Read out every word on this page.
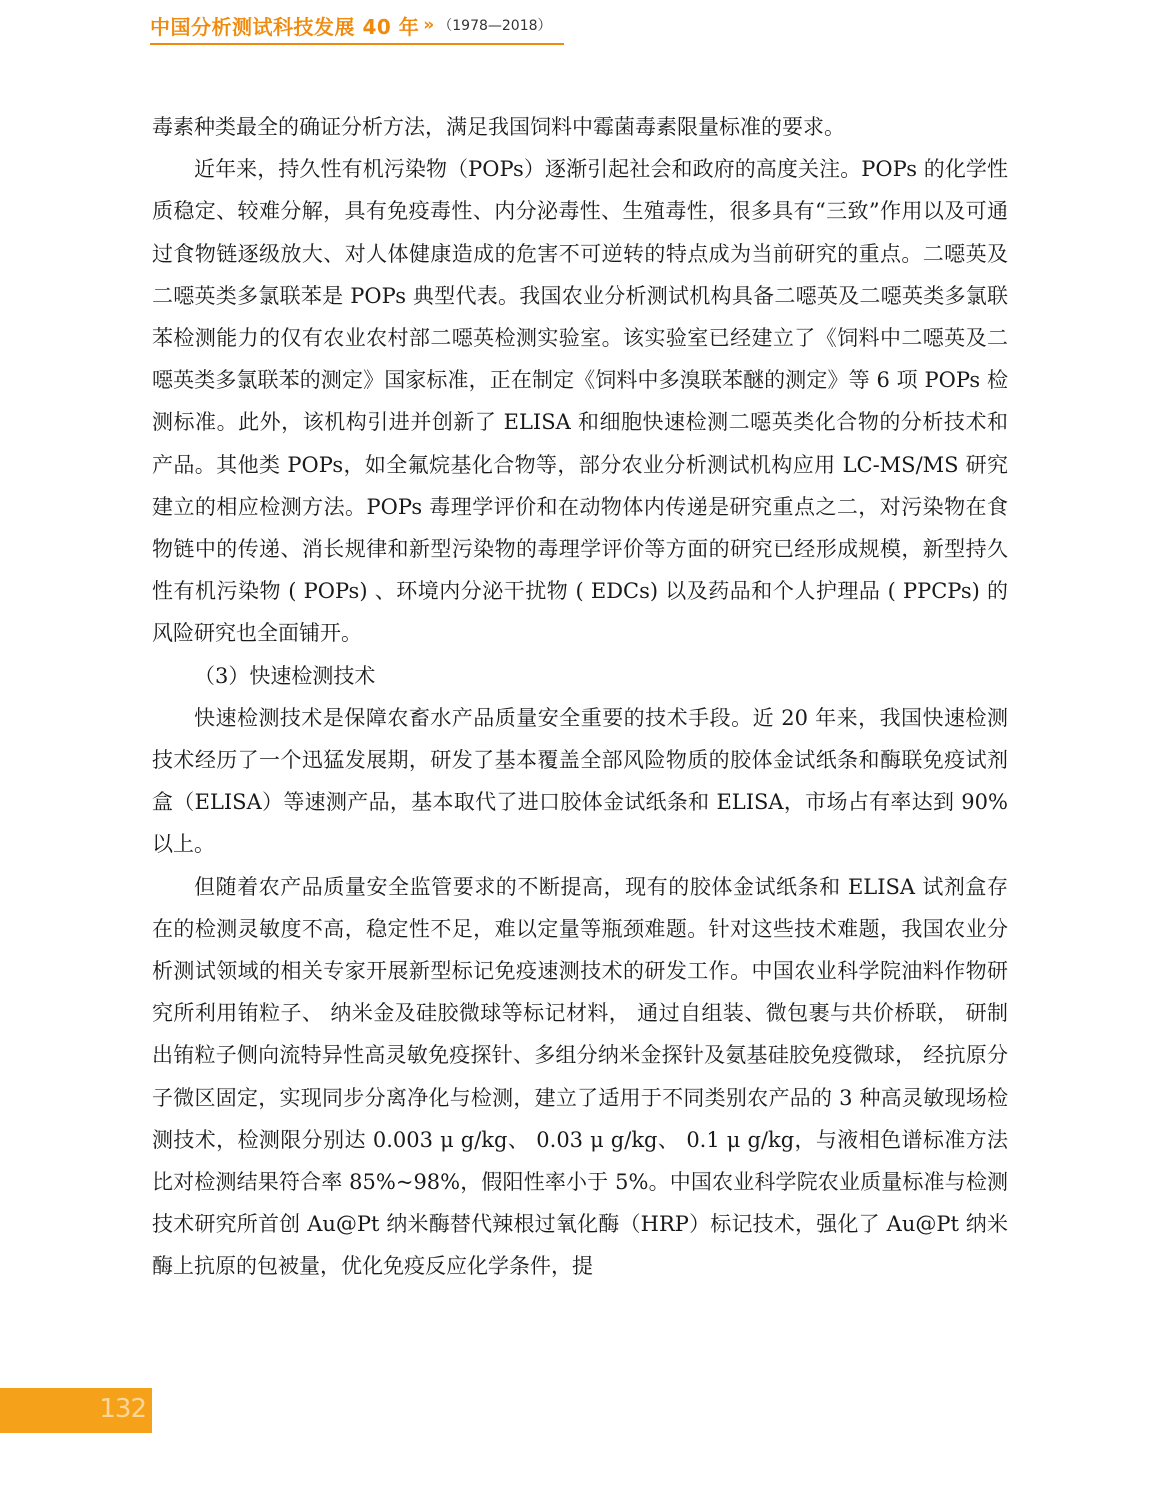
中国分析测试科技发展 40 年 » （1978—2018）

毒素种类最全的确证分析方法，满足我国饲料中霉菌毒素限量标准的要求。

近年来，持久性有机污染物（POPs）逐渐引起社会和政府的高度关注。POPs 的化学性质稳定、较难分解，具有免疫毒性、内分泌毒性、生殖毒性，很多具有“三致”作用以及可通过食物链逐级放大、对人体健康造成的危害不可逆转的特点成为当前研究的重点。二噁英及二噁英类多氯联苯是 POPs 典型代表。我国农业分析测试机构具备二噁英及二噁英类多氯联苯检测能力的仅有农业农村部二噁英检测实验室。该实验室已经建立了《饲料中二噁英及二噁英类多氯联苯的测定》国家标准，正在制定《饲料中多溴联苯醚的测定》等 6 项 POPs 检测标准。此外，该机构引进并创新了 ELISA 和细胞快速检测二噁英类化合物的分析技术和产品。其他类 POPs，如全氟烷基化合物等，部分农业分析测试机构应用 LC-MS/MS 研究建立的相应检测方法。POPs 毒理学评价和在动物体内传递是研究重点之二，对污染物在食物链中的传递、消长规律和新型污染物的毒理学评价等方面的研究已经形成规模，新型持久性有机污染物 ( POPs) 、环境内分泌干扰物 ( EDCs) 以及药品和个人护理品 ( PPCPs) 的风险研究也全面铺开。

（3）快速检测技术

快速检测技术是保障农畜水产品质量安全重要的技术手段。近 20 年来，我国快速检测技术经历了一个迅猛发展期，研发了基本覆盖全部风险物质的胶体金试纸条和酶联免疫试剂盒（ELISA）等速测产品，基本取代了进口胶体金试纸条和 ELISA，市场占有率达到 90% 以上。

但随着农产品质量安全监管要求的不断提高，现有的胶体金试纸条和 ELISA 试剂盒存在的检测灵敏度不高，稳定性不足，难以定量等瓶颈难题。针对这些技术难题，我国农业分析测试领域的相关专家开展新型标记免疫速测技术的研发工作。中国农业科学院油料作物研究所利用铕粒子、 纳米金及硅胶微球等标记材料， 通过自组装、微包裹与共价桥联， 研制出铕粒子侧向流特异性高灵敏免疫探针、多组分纳米金探针及氨基硅胶免疫微球， 经抗原分子微区固定，实现同步分离净化与检测，建立了适用于不同类别农产品的 3 种高灵敏现场检测技术，检测限分别达 0.003 μ g/kg、 0.03 μ g/kg、 0.1 μ g/kg，与液相色谱标准方法比对检测结果符合率 85%~98%，假阳性率小于 5%。中国农业科学院农业质量标准与检测技术研究所首创 Au@Pt 纳米酶替代辣根过氧化酶（HRP）标记技术，强化了 Au@Pt 纳米酶上抗原的包被量，优化免疫反应化学条件，提

132
